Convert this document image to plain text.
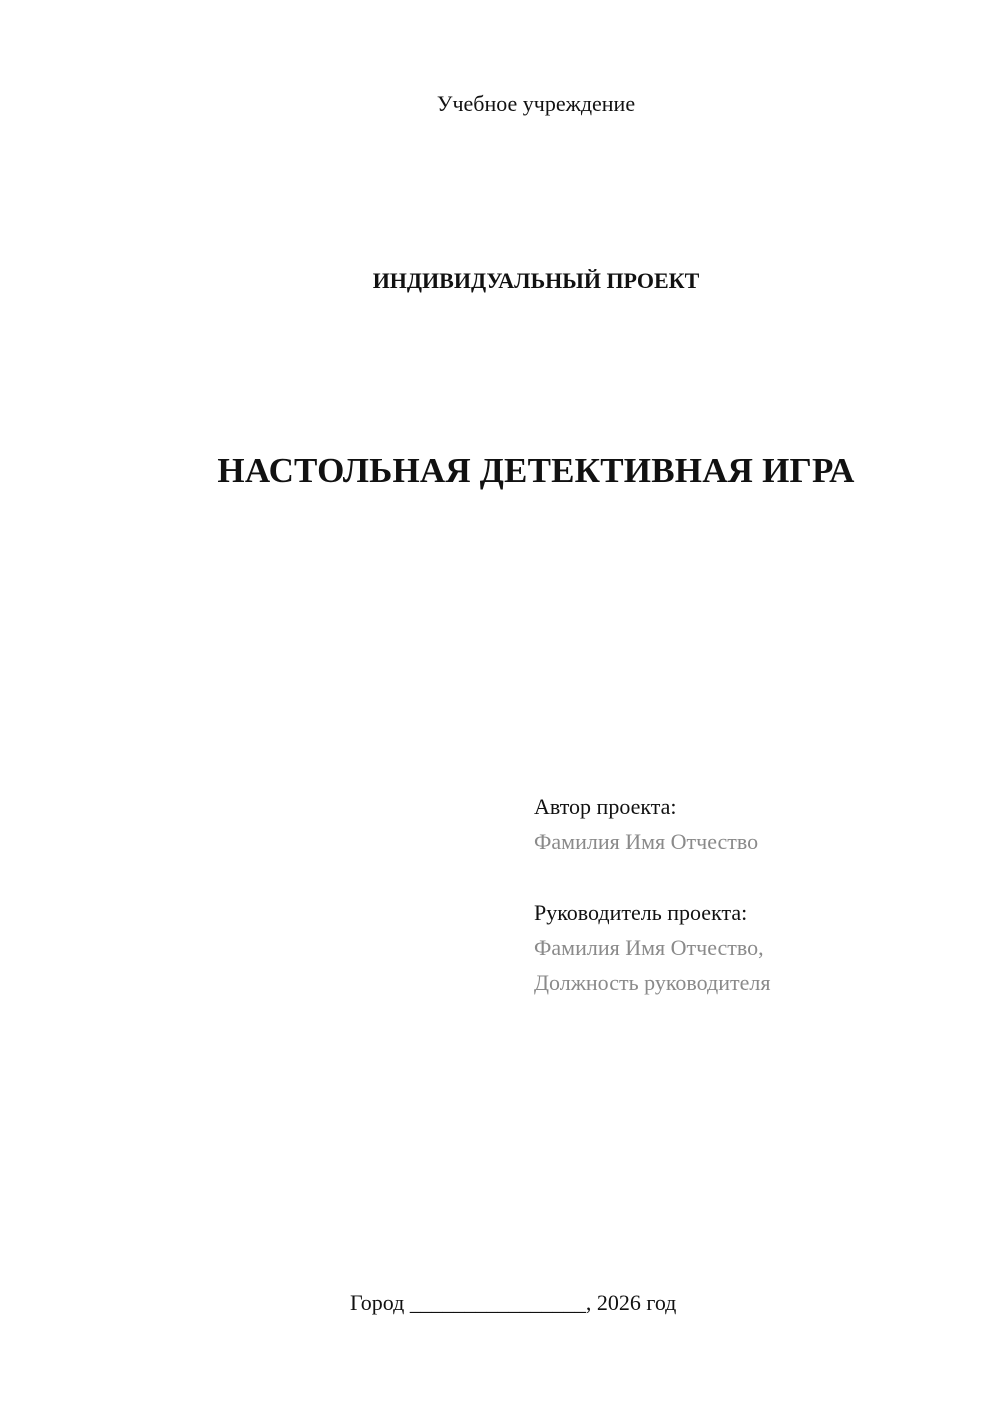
Учебное учреждение
ИНДИВИДУАЛЬНЫЙ ПРОЕКТ
НАСТОЛЬНАЯ ДЕТЕКТИВНАЯ ИГРА
Автор проекта:
Фамилия Имя Отчество
Руководитель проекта:
Фамилия Имя Отчество,
Должность руководителя
Город ________________, 2026 год
